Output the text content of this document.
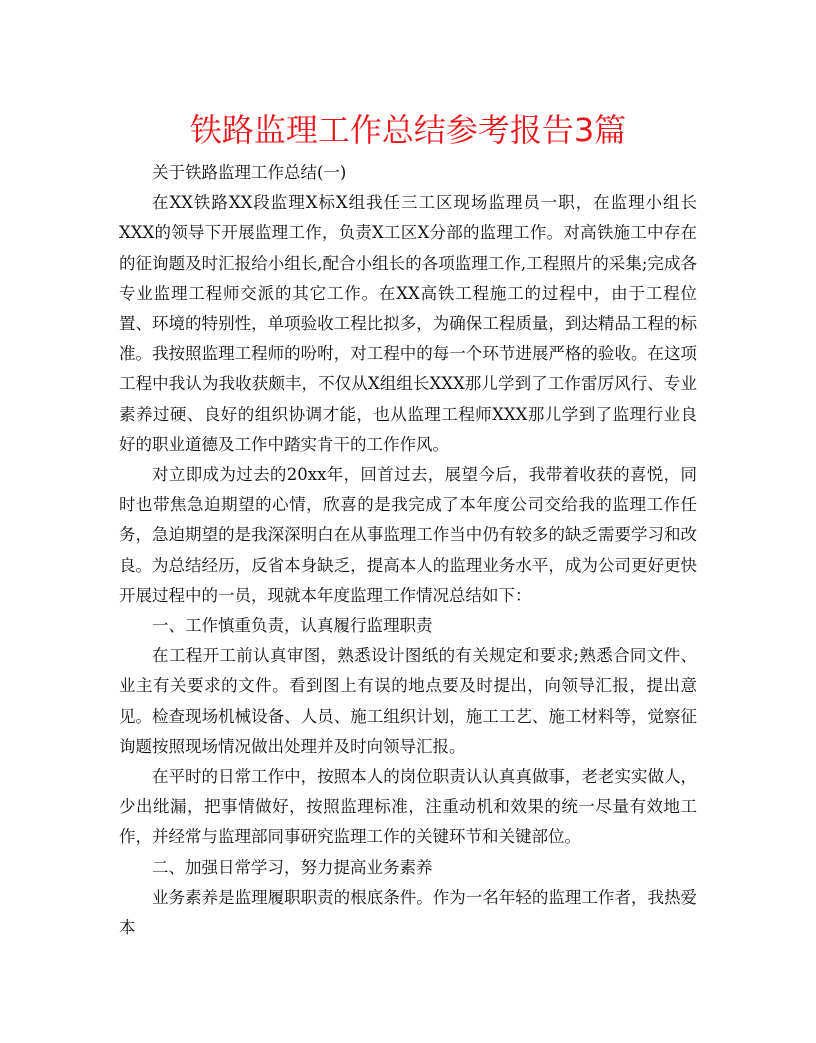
铁路监理工作总结参考报告3篇

关于铁路监理工作总结(一)

在XX铁路XX段监理X标X组我任三工区现场监理员一职，在监理小组长XXX的领导下开展监理工作，负责X工区X分部的监理工作。对高铁施工中存在的征询题及时汇报给小组长,配合小组长的各项监理工作,工程照片的采集;完成各专业监理工程师交派的其它工作。在XX高铁工程施工的过程中，由于工程位置、环境的特别性，单项验收工程比拟多，为确保工程质量，到达精品工程的标准。我按照监理工程师的吩咐，对工程中的每一个环节进展严格的验收。在这项工程中我认为我收获颇丰，不仅从X组组长XXX那儿学到了工作雷厉风行、专业素养过硬、良好的组织协调才能，也从监理工程师XXX那儿学到了监理行业良好的职业道德及工作中踏实肯干的工作作风。

对立即成为过去的20xx年，回首过去，展望今后，我带着收获的喜悦，同时也带焦急迫期望的心情，欣喜的是我完成了本年度公司交给我的监理工作任务，急迫期望的是我深深明白在从事监理工作当中仍有较多的缺乏需要学习和改良。为总结经历，反省本身缺乏，提高本人的监理业务水平，成为公司更好更快开展过程中的一员，现就本年度监理工作情况总结如下：

一、工作慎重负责，认真履行监理职责

在工程开工前认真审图，熟悉设计图纸的有关规定和要求;熟悉合同文件、业主有关要求的文件。看到图上有误的地点要及时提出，向领导汇报，提出意见。检查现场机械设备、人员、施工组织计划，施工工艺、施工材料等，觉察征询题按照现场情况做出处理并及时向领导汇报。

在平时的日常工作中，按照本人的岗位职责认认真真做事，老老实实做人，少出纰漏，把事情做好，按照监理标准，注重动机和效果的统一尽量有效地工作，并经常与监理部同事研究监理工作的关键环节和关键部位。

二、加强日常学习，努力提高业务素养

业务素养是监理履职职责的根底条件。作为一名年轻的监理工作者，我热爱本
